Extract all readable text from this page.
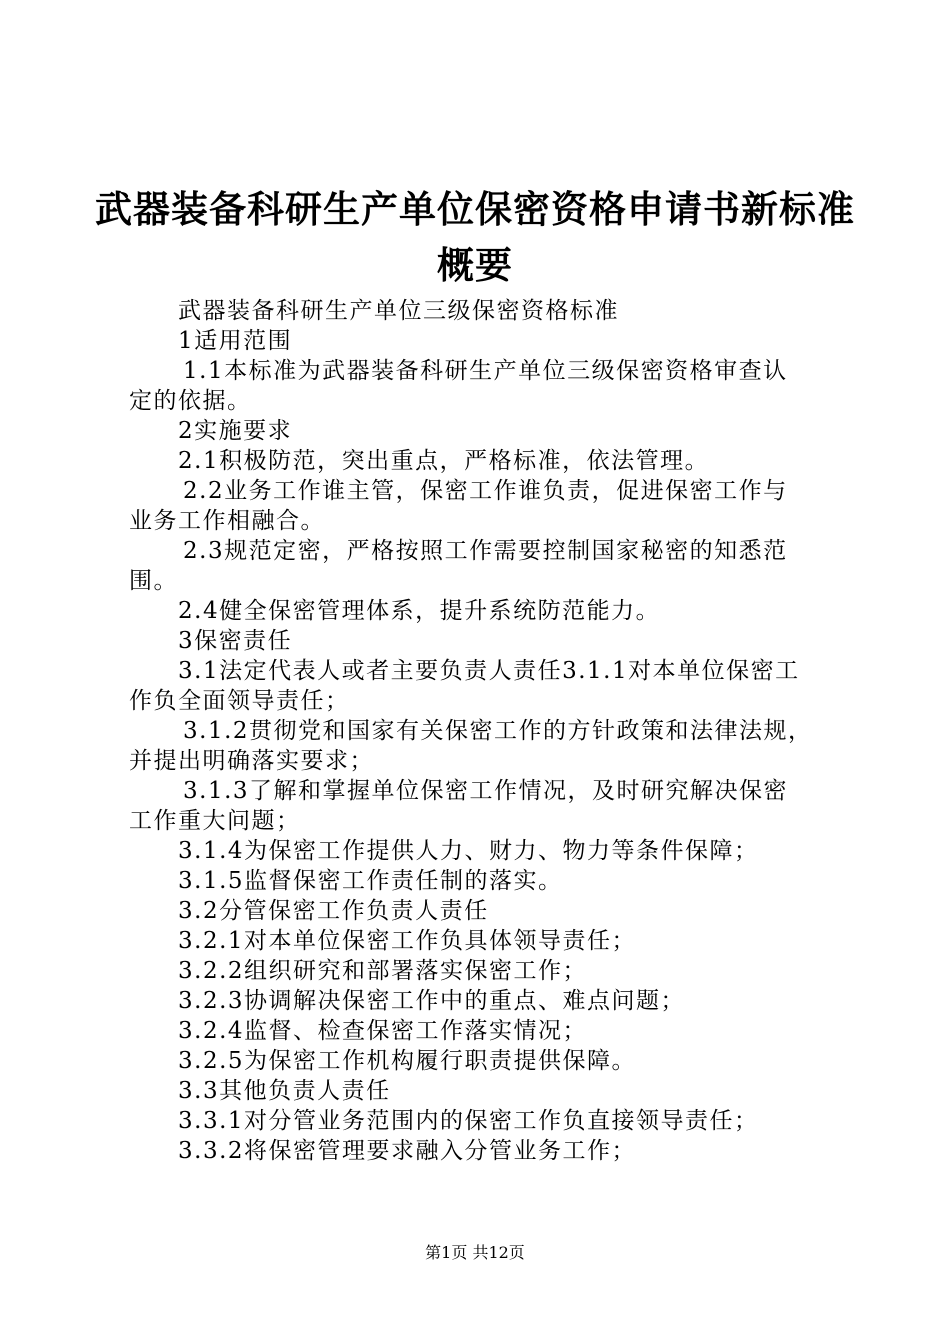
武器装备科研生产单位保密资格申请书新标准
概要
武器装备科研生产单位三级保密资格标准
1适用范围
1.1本标准为武器装备科研生产单位三级保密资格审查认
定的依据。
2实施要求
2.1积极防范，突出重点，严格标准，依法管理。
2.2业务工作谁主管，保密工作谁负责，促进保密工作与
业务工作相融合。
2.3规范定密，严格按照工作需要控制国家秘密的知悉范
围。
2.4健全保密管理体系，提升系统防范能力。
3保密责任
3.1法定代表人或者主要负责人责任3.1.1对本单位保密工
作负全面领导责任；
3.1.2贯彻党和国家有关保密工作的方针政策和法律法规，
并提出明确落实要求；
3.1.3了解和掌握单位保密工作情况，及时研究解决保密
工作重大问题；
3.1.4为保密工作提供人力、财力、物力等条件保障；
3.1.5监督保密工作责任制的落实。
3.2分管保密工作负责人责任
3.2.1对本单位保密工作负具体领导责任；
3.2.2组织研究和部署落实保密工作；
3.2.3协调解决保密工作中的重点、难点问题；
3.2.4监督、检查保密工作落实情况；
3.2.5为保密工作机构履行职责提供保障。
3.3其他负责人责任
3.3.1对分管业务范围内的保密工作负直接领导责任；
3.3.2将保密管理要求融入分管业务工作；
第1页 共12页
